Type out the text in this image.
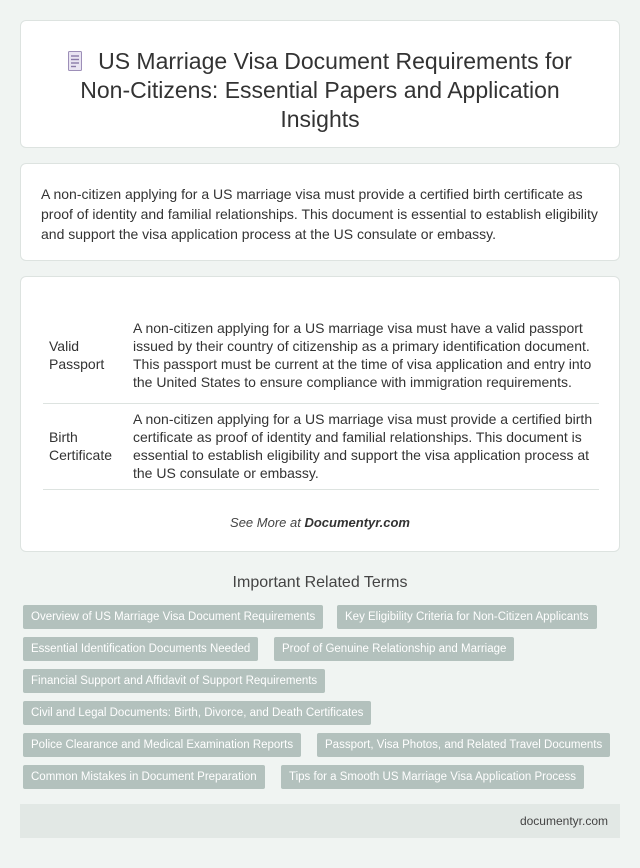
US Marriage Visa Document Requirements for Non-Citizens: Essential Papers and Application Insights

A non-citizen applying for a US marriage visa must provide a certified birth certificate as proof of identity and familial relationships. This document is essential to establish eligibility and support the visa application process at the US consulate or embassy.

Valid Passport	A non-citizen applying for a US marriage visa must have a valid passport issued by their country of citizenship as a primary identification document. This passport must be current at the time of visa application and entry into the United States to ensure compliance with immigration requirements.
Birth Certificate	A non-citizen applying for a US marriage visa must provide a certified birth certificate as proof of identity and familial relationships. This document is essential to establish eligibility and support the visa application process at the US consulate or embassy.
See More at Documentyr.com
Important Related Terms
Overview of US Marriage Visa Document Requirements	Key Eligibility Criteria for Non-Citizen Applicants
Essential Identification Documents Needed	Proof of Genuine Relationship and Marriage
Financial Support and Affidavit of Support Requirements
Civil and Legal Documents: Birth, Divorce, and Death Certificates
Police Clearance and Medical Examination Reports	Passport, Visa Photos, and Related Travel Documents
Common Mistakes in Document Preparation	Tips for a Smooth US Marriage Visa Application Process
documentyr.com
